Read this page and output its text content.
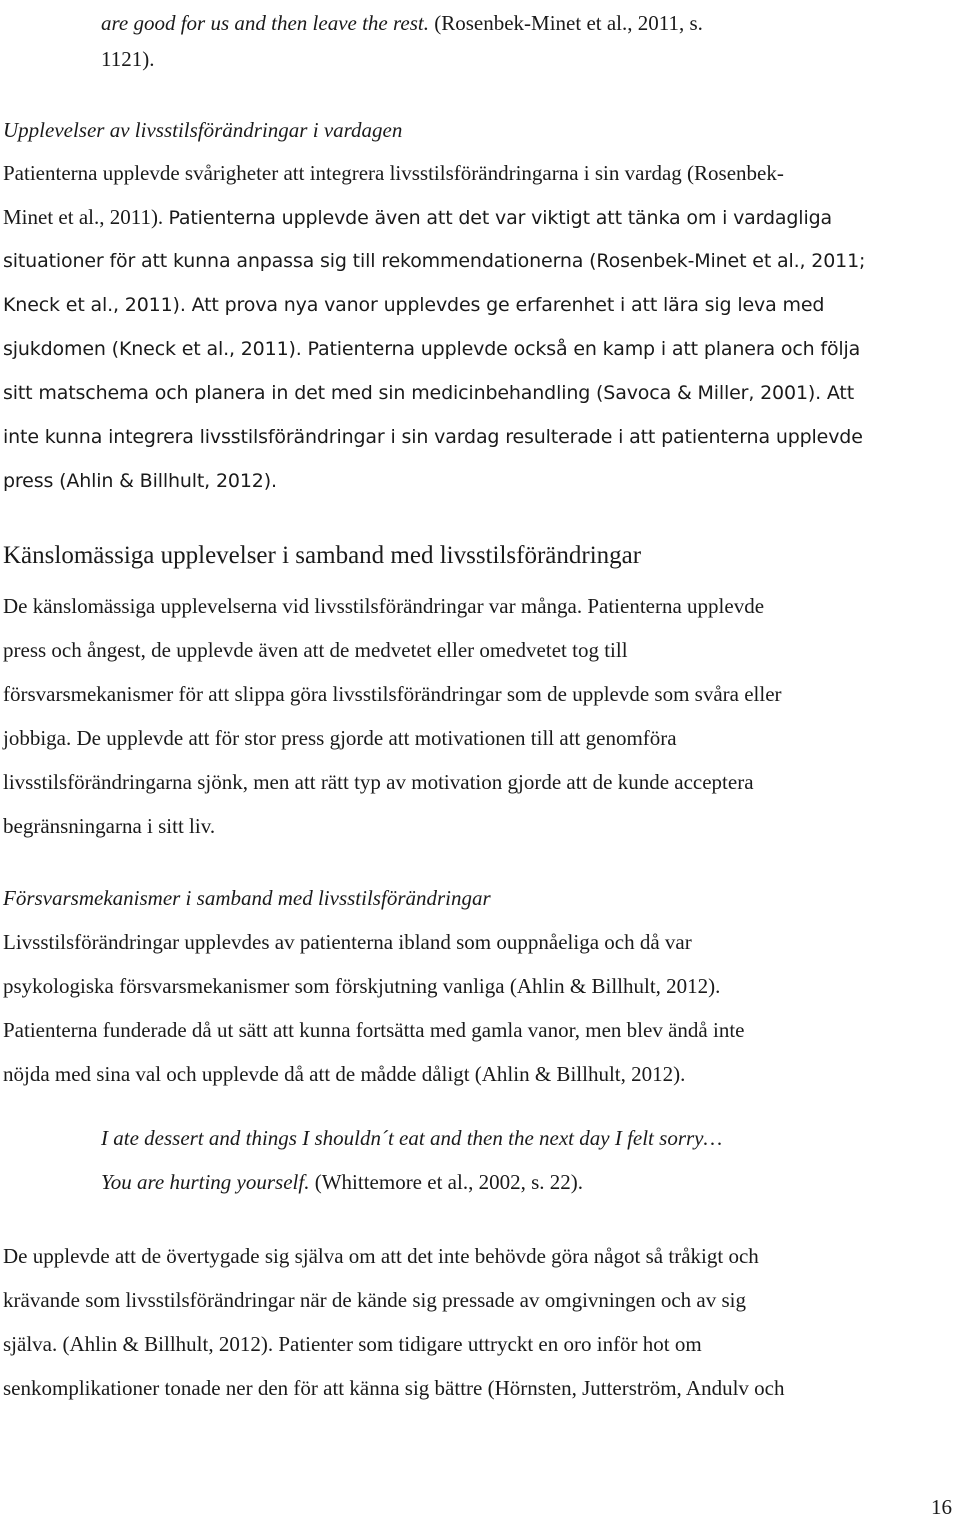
are good for us and then leave the rest. (Rosenbek-Minet et al., 2011, s.
1121).
Upplevelser av livsstilsförändringar i vardagen
Patienterna upplevde svårigheter att integrera livsstilsförändringarna i sin vardag (Rosenbek-
Minet et al., 2011). Patienterna upplevde även att det var viktigt att tänka om i vardagliga
situationer för att kunna anpassa sig till rekommendationerna (Rosenbek-Minet et al., 2011;
Kneck et al., 2011). Att prova nya vanor upplevdes ge erfarenhet i att lära sig leva med
sjukdomen (Kneck et al., 2011). Patienterna upplevde också en kamp i att planera och följa
sitt matschema och planera in det med sin medicinbehandling (Savoca & Miller, 2001). Att
inte kunna integrera livsstilsförändringar i sin vardag resulterade i att patienterna upplevde
press (Ahlin & Billhult, 2012).
Känslomässiga upplevelser i samband med livsstilsförändringar
De känslomässiga upplevelserna vid livsstilsförändringar var många. Patienterna upplevde
press och ångest, de upplevde även att de medvetet eller omedvetet tog till
försvarsmekanismer för att slippa göra livsstilsförändringar som de upplevde som svåra eller
jobbiga. De upplevde att för stor press gjorde att motivationen till att genomföra
livsstilsförändringarna sjönk, men att rätt typ av motivation gjorde att de kunde acceptera
begränsningarna i sitt liv.
Försvarsmekanismer i samband med livsstilsförändringar
Livsstilsförändringar upplevdes av patienterna ibland som ouppnåeliga och då var
psykologiska försvarsmekanismer som förskjutning vanliga (Ahlin & Billhult, 2012).
Patienterna funderade då ut sätt att kunna fortsätta med gamla vanor, men blev ändå inte
nöjda med sina val och upplevde då att de mådde dåligt (Ahlin & Billhult, 2012).
I ate dessert and things I shouldn´t eat and then the next day I felt sorry…
You are hurting yourself. (Whittemore et al., 2002, s. 22).
De upplevde att de övertygade sig själva om att det inte behövde göra något så tråkigt och
krävande som livsstilsförändringar när de kände sig pressade av omgivningen och av sig
själva. (Ahlin & Billhult, 2012). Patienter som tidigare uttryckt en oro inför hot om
senkomplikationer tonade ner den för att känna sig bättre (Hörnsten, Jutterström, Andulv och
16
